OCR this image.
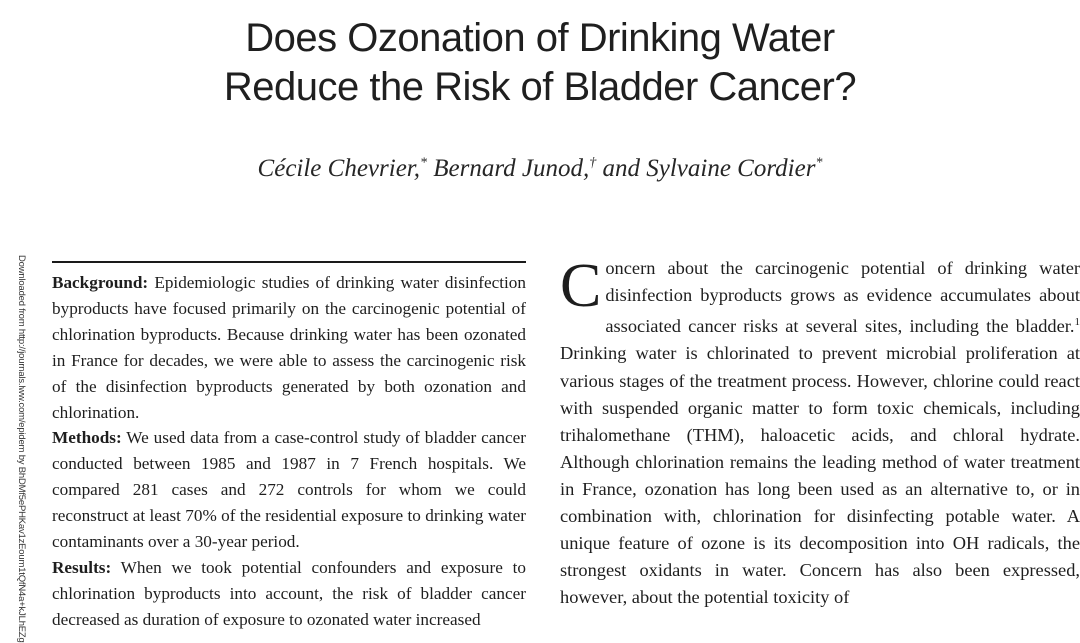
Does Ozonation of Drinking Water
Reduce the Risk of Bladder Cancer?
Cécile Chevrier,* Bernard Junod,† and Sylvaine Cordier*
Downloaded from http://journals.lww.com/epidem by BhDMf5ePHKav1zEoum1tQfN4a+kJLhEZg Background: Epidemiologic studies of drinking water disinfection byproducts have focused primarily on the carcinogenic potential of chlorination byproducts. Because drinking water has been ozonated in France for decades, we were able to assess the carcinogenic risk of the disinfection byproducts generated by both ozonation and chlorination.

Methods: We used data from a case-control study of bladder cancer conducted between 1985 and 1987 in 7 French hospitals. We compared 281 cases and 272 controls for whom we could reconstruct at least 70% of the residential exposure to drinking water contaminants over a 30-year period.

Results: When we took potential confounders and exposure to chlorination byproducts into account, the risk of bladder cancer decreased as duration of exposure to ozonated water increased

Concern about the carcinogenic potential of drinking water disinfection byproducts grows as evidence accumulates about associated cancer risks at several sites, including the bladder.$^1$ Drinking water is chlorinated to prevent microbial proliferation at various stages of the treatment process. However, chlorine could react with suspended organic matter to form toxic chemicals, including trihalomethane (THM), haloacetic acids, and chloral hydrate. Although chlorination remains the leading method of water treatment in France, ozonation has long been used as an alternative to, or in combination with, chlorination for disinfecting potable water. A unique feature of ozone is its decomposition into OH radicals, the strongest oxidants in water. Concern has also been expressed, however, about the potential toxicity of
